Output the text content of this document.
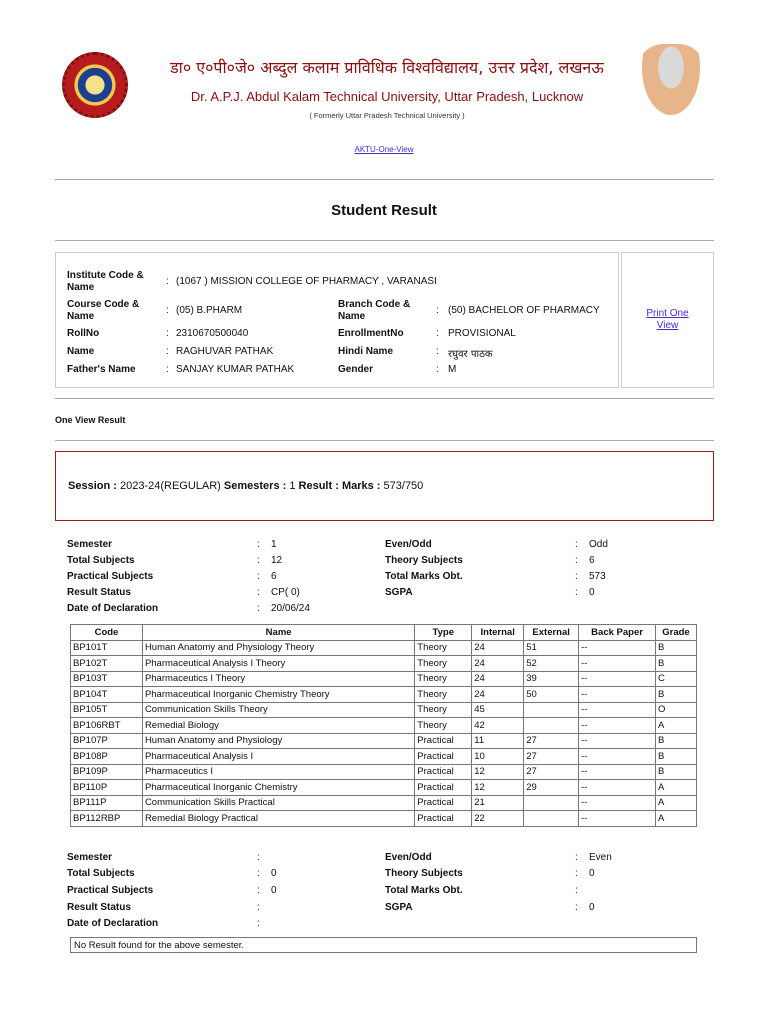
डा० ए०पी०जे० अब्दुल कलाम प्राविधिक विश्वविद्यालय, उत्तर प्रदेश, लखनऊ
Dr. A.P.J. Abdul Kalam Technical University, Uttar Pradesh, Lucknow
( Formerly Uttar Pradesh Technical University )
AKTU-One-View
Student Result
Institute Code & Name
: (1067 ) MISSION COLLEGE OF PHARMACY , VARANASI
Course Code & Name
: (05) B.PHARM
Branch Code & Name
: (50) BACHELOR OF PHARMACY
RollNo	: 2310670500040	EnrollmentNo	: PROVISIONAL
Name	: RAGHUVAR PATHAK	Hindi Name	: रघुवर पाठक
Father's Name	: SANJAY KUMAR PATHAK	Gender	: M
Print One View
One View Result
Session : 2023-24(REGULAR) Semesters : 1 Result : Marks : 573/750
Semester	: 1	Even/Odd	: Odd
Total Subjects	: 12	Theory Subjects	: 6
Practical Subjects	: 6	Total Marks Obt.	: 573
Result Status	: CP( 0)	SGPA	: 0
Date of Declaration	: 20/06/24
Code	Name	Type	Internal	External	Back Paper	Grade
BP101T	Human Anatomy and Physiology Theory	Theory	24	51	--	B
BP102T	Pharmaceutical Analysis I Theory	Theory	24	52	--	B
BP103T	Pharmaceutics I Theory	Theory	24	39	--	C
BP104T	Pharmaceutical Inorganic Chemistry Theory	Theory	24	50	--	B
BP105T	Communication Skills Theory	Theory	45		--	O
BP106RBT	Remedial Biology	Theory	42		--	A
BP107P	Human Anatomy and Physiology	Practical	11	27	--	B
BP108P	Pharmaceutical Analysis I	Practical	10	27	--	B
BP109P	Pharmaceutics I	Practical	12	27	--	B
BP110P	Pharmaceutical Inorganic Chemistry	Practical	12	29	--	A
BP111P	Communication Skills Practical	Practical	21		--	A
BP112RBP	Remedial Biology Practical	Practical	22		--	A
Semester	:	Even/Odd	: Even
Total Subjects	: 0	Theory Subjects	: 0
Practical Subjects	: 0	Total Marks Obt.	:
Result Status	:	SGPA	: 0
Date of Declaration	:
No Result found for the above semester.
